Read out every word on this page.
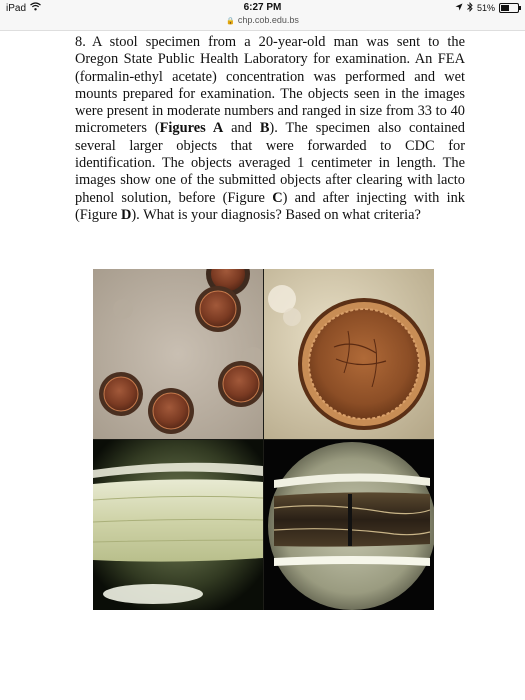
iPad	6:27 PM
🔒 chp.cob.edu.bs
51%
8. A stool specimen from a 20-year-old man was sent to the Oregon State Public Health Laboratory for examination. An FEA (formalin-ethyl acetate) concentration was performed and wet mounts prepared for examination. The objects seen in the images were present in moderate numbers and ranged in size from 33 to 40 micrometers (Figures A and B). The specimen also contained several larger objects that were forwarded to CDC for identification. The objects averaged 1 centimeter in length. The images show one of the submitted objects after clearing with lacto phenol solution, before (Figure C) and after injecting with ink (Figure D). What is your diagnosis? Based on what criteria?
